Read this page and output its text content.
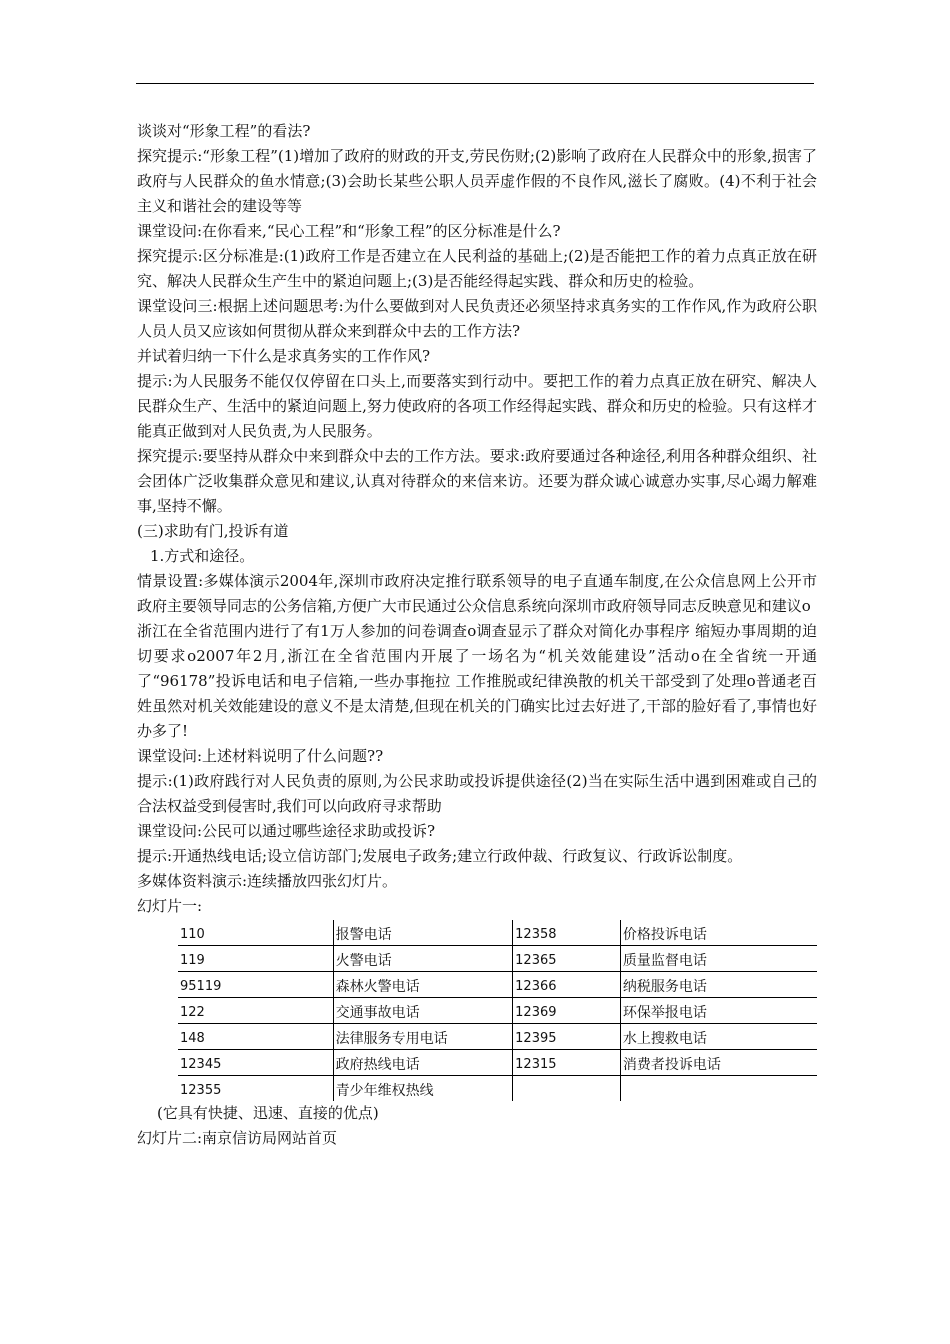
谈谈对“形象工程”的看法?

探究提示:“形象工程”(1)增加了政府的财政的开支,劳民伤财;(2)影响了政府在人民群众中的形象,损害了政府与人民群众的鱼水情意;(3)会助长某些公职人员弄虚作假的不良作风,滋长了腐败。(4)不利于社会主义和谐社会的建设等等

课堂设问:在你看来,“民心工程”和“形象工程”的区分标准是什么?

探究提示:区分标准是:(1)政府工作是否建立在人民利益的基础上;(2)是否能把工作的着力点真正放在研究、解决人民群众生产生中的紧迫问题上;(3)是否能经得起实践、群众和历史的检验。

课堂设问三:根据上述问题思考:为什么要做到对人民负责还必须坚持求真务实的工作作风,作为政府公职人员人员又应该如何贯彻从群众来到群众中去的工作方法?

并试着归纳一下什么是求真务实的工作作风?

提示:为人民服务不能仅仅停留在口头上,而要落实到行动中。要把工作的着力点真正放在研究、解决人民群众生产、生活中的紧迫问题上,努力使政府的各项工作经得起实践、群众和历史的检验。只有这样才能真正做到对人民负责,为人民服务。

探究提示:要坚持从群众中来到群众中去的工作方法。要求:政府要通过各种途径,利用各种群众组织、社会团体广泛收集群众意见和建议,认真对待群众的来信来访。还要为群众诚心诚意办实事,尽心竭力解难事,坚持不懈。

(三)求助有门,投诉有道

1.方式和途径。

情景设置:多媒体演示2004年,深圳市政府决定推行联系领导的电子直通车制度,在公众信息网上公开市政府主要领导同志的公务信箱,方便广大市民通过公众信息系统向深圳市政府领导同志反映意见和建议ο

浙江在全省范围内进行了有1万人参加的问卷调查ο调查显示了群众对简化办事程序 缩短办事周期的迫切要求ο2007年2月,浙江在全省范围内开展了一场名为“机关效能建设”活动ο在全省统一开通了“96178”投诉电话和电子信箱,一些办事拖拉 工作推脱或纪律涣散的机关干部受到了处理ο普通老百姓虽然对机关效能建设的意义不是太清楚,但现在机关的门确实比过去好进了,干部的脸好看了,事情也好办多了!

课堂设问:上述材料说明了什么问题??

提示:(1)政府践行对人民负责的原则,为公民求助或投诉提供途径(2)当在实际生活中遇到困难或自己的合法权益受到侵害时,我们可以向政府寻求帮助

课堂设问:公民可以通过哪些途径求助或投诉?

提示:开通热线电话;设立信访部门;发展电子政务;建立行政仲裁、行政复议、行政诉讼制度。

多媒体资料演示:连续播放四张幻灯片。

幻灯片一:

110	报警电话	12358	价格投诉电话
119	火警电话	12365	质量监督电话
95119	森林火警电话	12366	纳税服务电话
122	交通事故电话	12369	环保举报电话
148	法律服务专用电话	12395	水上搜救电话
12345	政府热线电话	12315	消费者投诉电话
12355	青少年维权热线		

(它具有快捷、迅速、直接的优点)

幻灯片二:南京信访局网站首页
